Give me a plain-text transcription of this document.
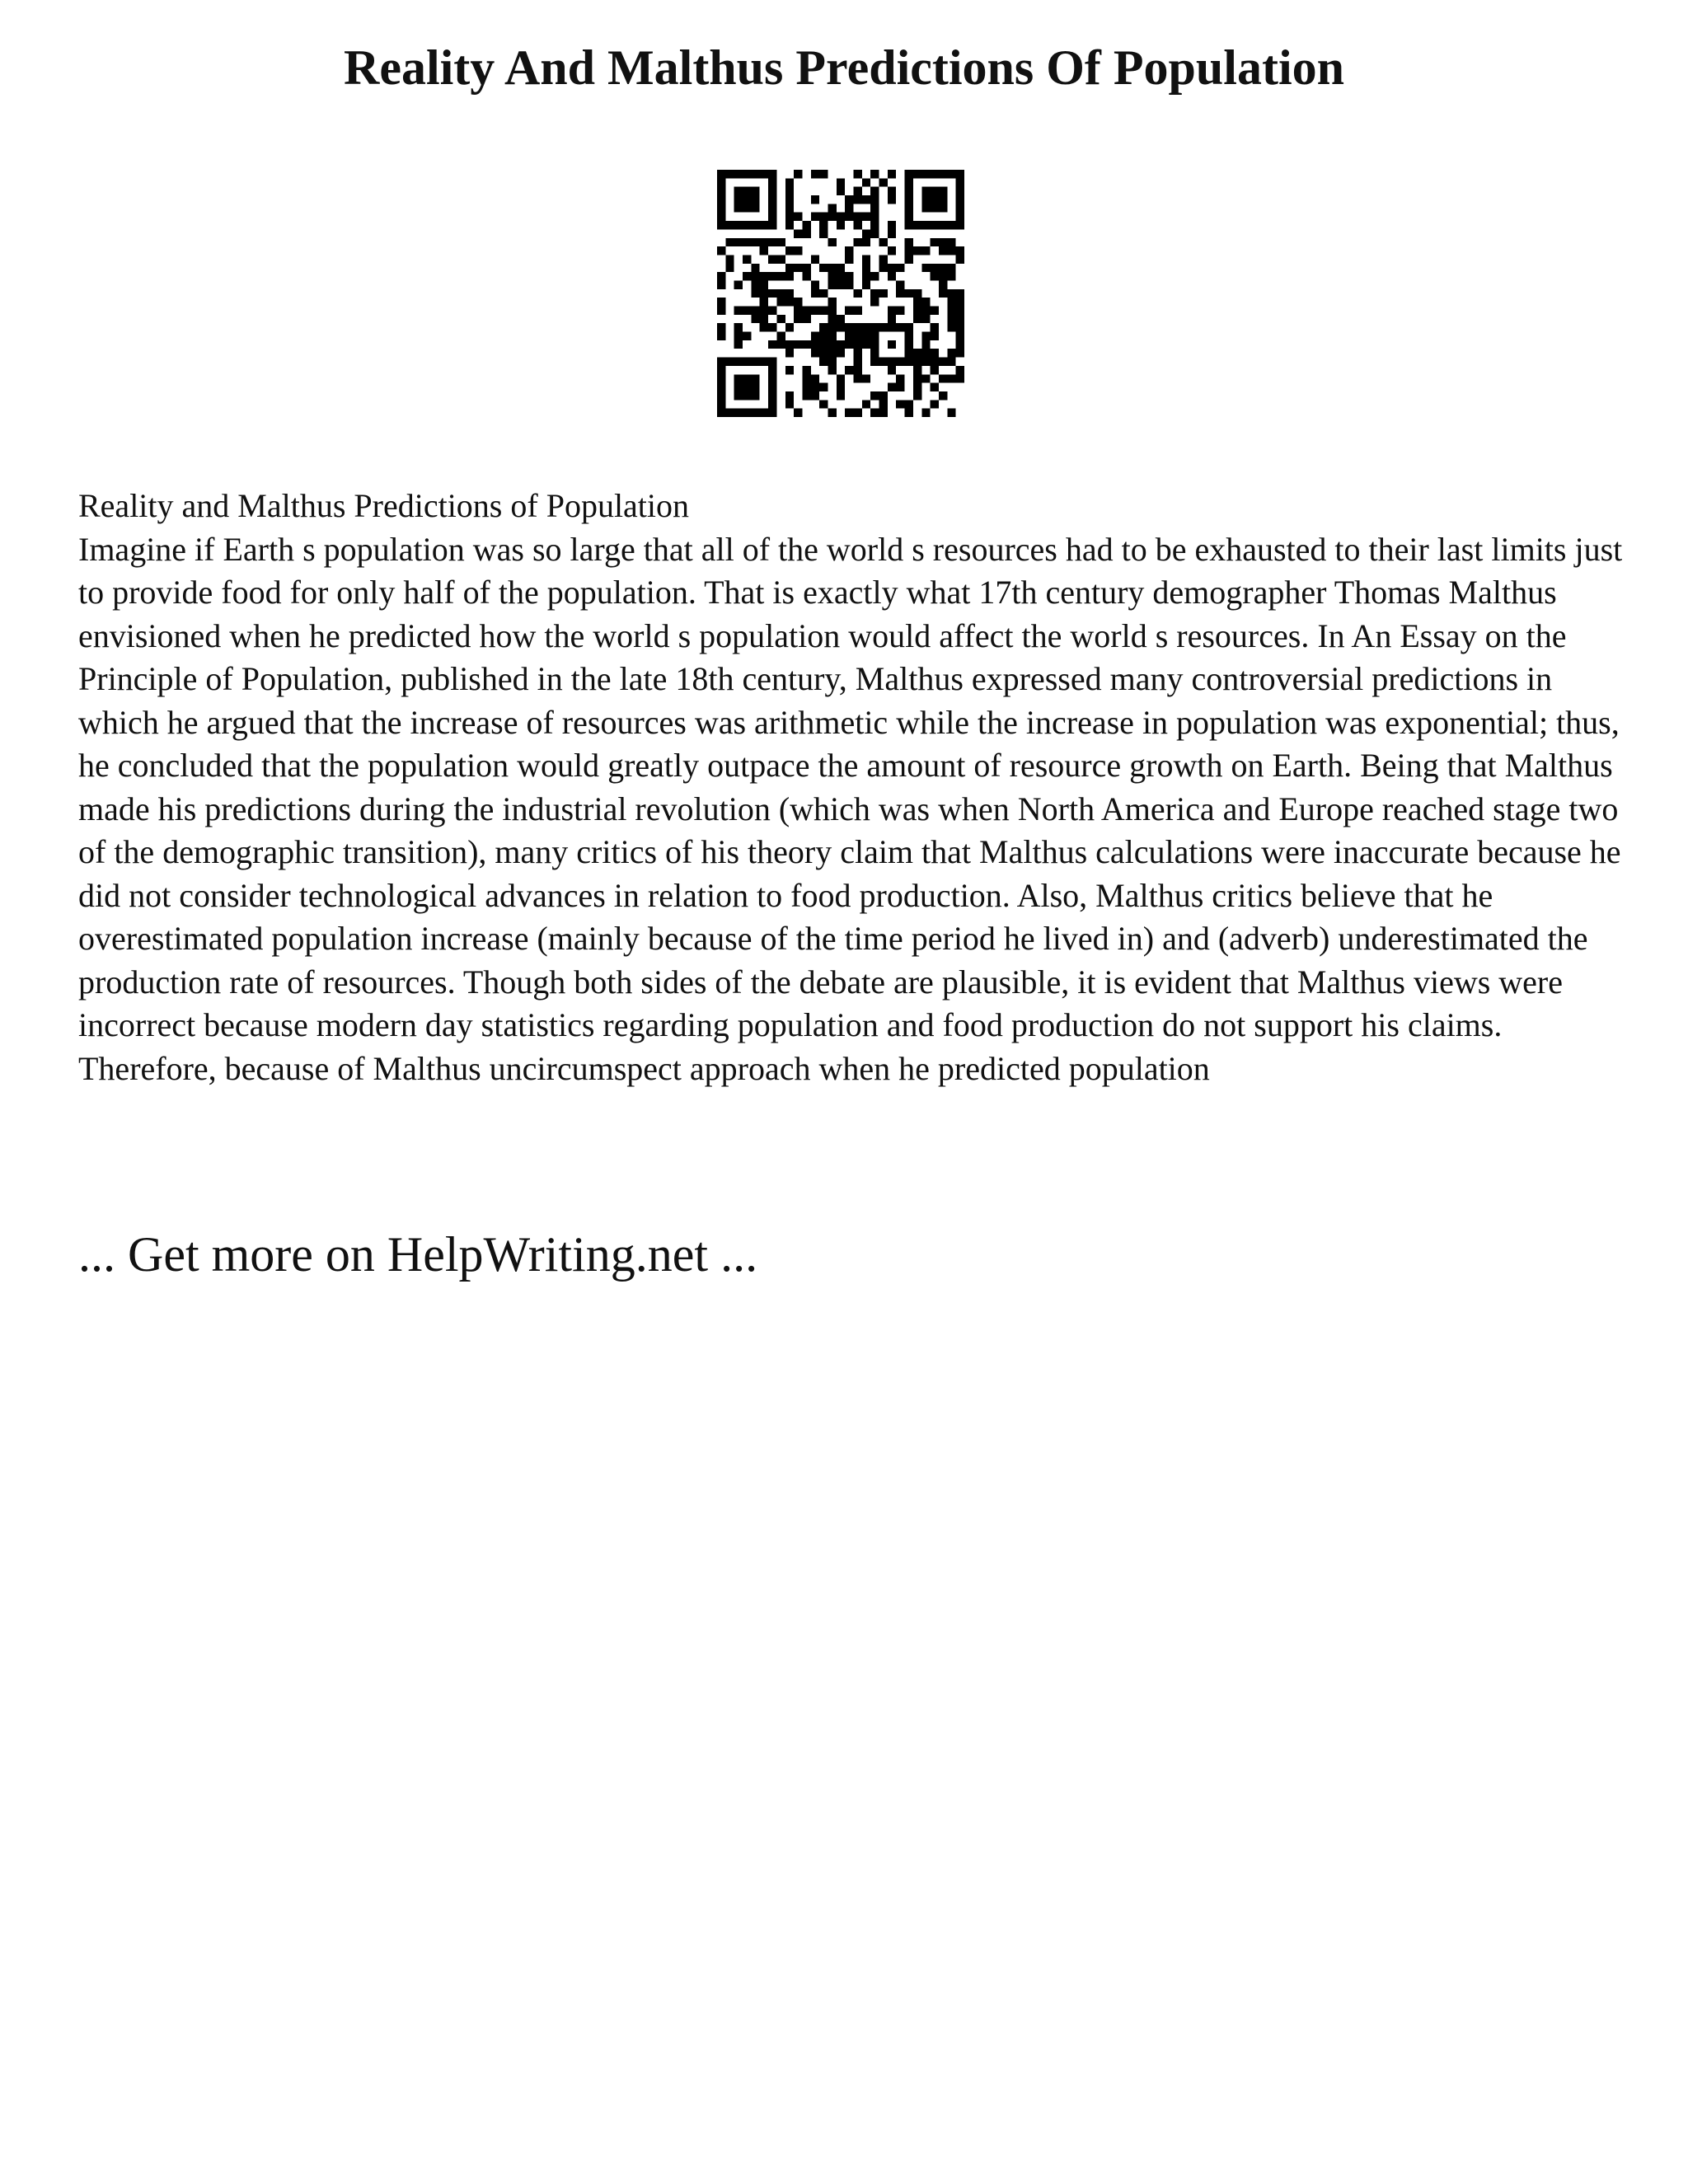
Reality And Malthus Predictions Of Population
Reality and Malthus Predictions of Population

Imagine if Earth s population was so large that all of the world s resources had to be exhausted to their last limits just to provide food for only half of the population. That is exactly what 17th century demographer Thomas Malthus envisioned when he predicted how the world s population would affect the world s resources. In An Essay on the Principle of Population, published in the late 18th century, Malthus expressed many controversial predictions in which he argued that the increase of resources was arithmetic while the increase in population was exponential; thus, he concluded that the population would greatly outpace the amount of resource growth on Earth. Being that Malthus made his predictions during the industrial revolution (which was when North America and Europe reached stage two of the demographic transition), many critics of his theory claim that Malthus calculations were inaccurate because he did not consider technological advances in relation to food production. Also, Malthus critics believe that he overestimated population increase (mainly because of the time period he lived in) and (adverb) underestimated the production rate of resources. Though both sides of the debate are plausible, it is evident that Malthus views were incorrect because modern day statistics regarding population and food production do not support his claims. Therefore, because of Malthus uncircumspect approach when he predicted population

... Get more on HelpWriting.net ...
